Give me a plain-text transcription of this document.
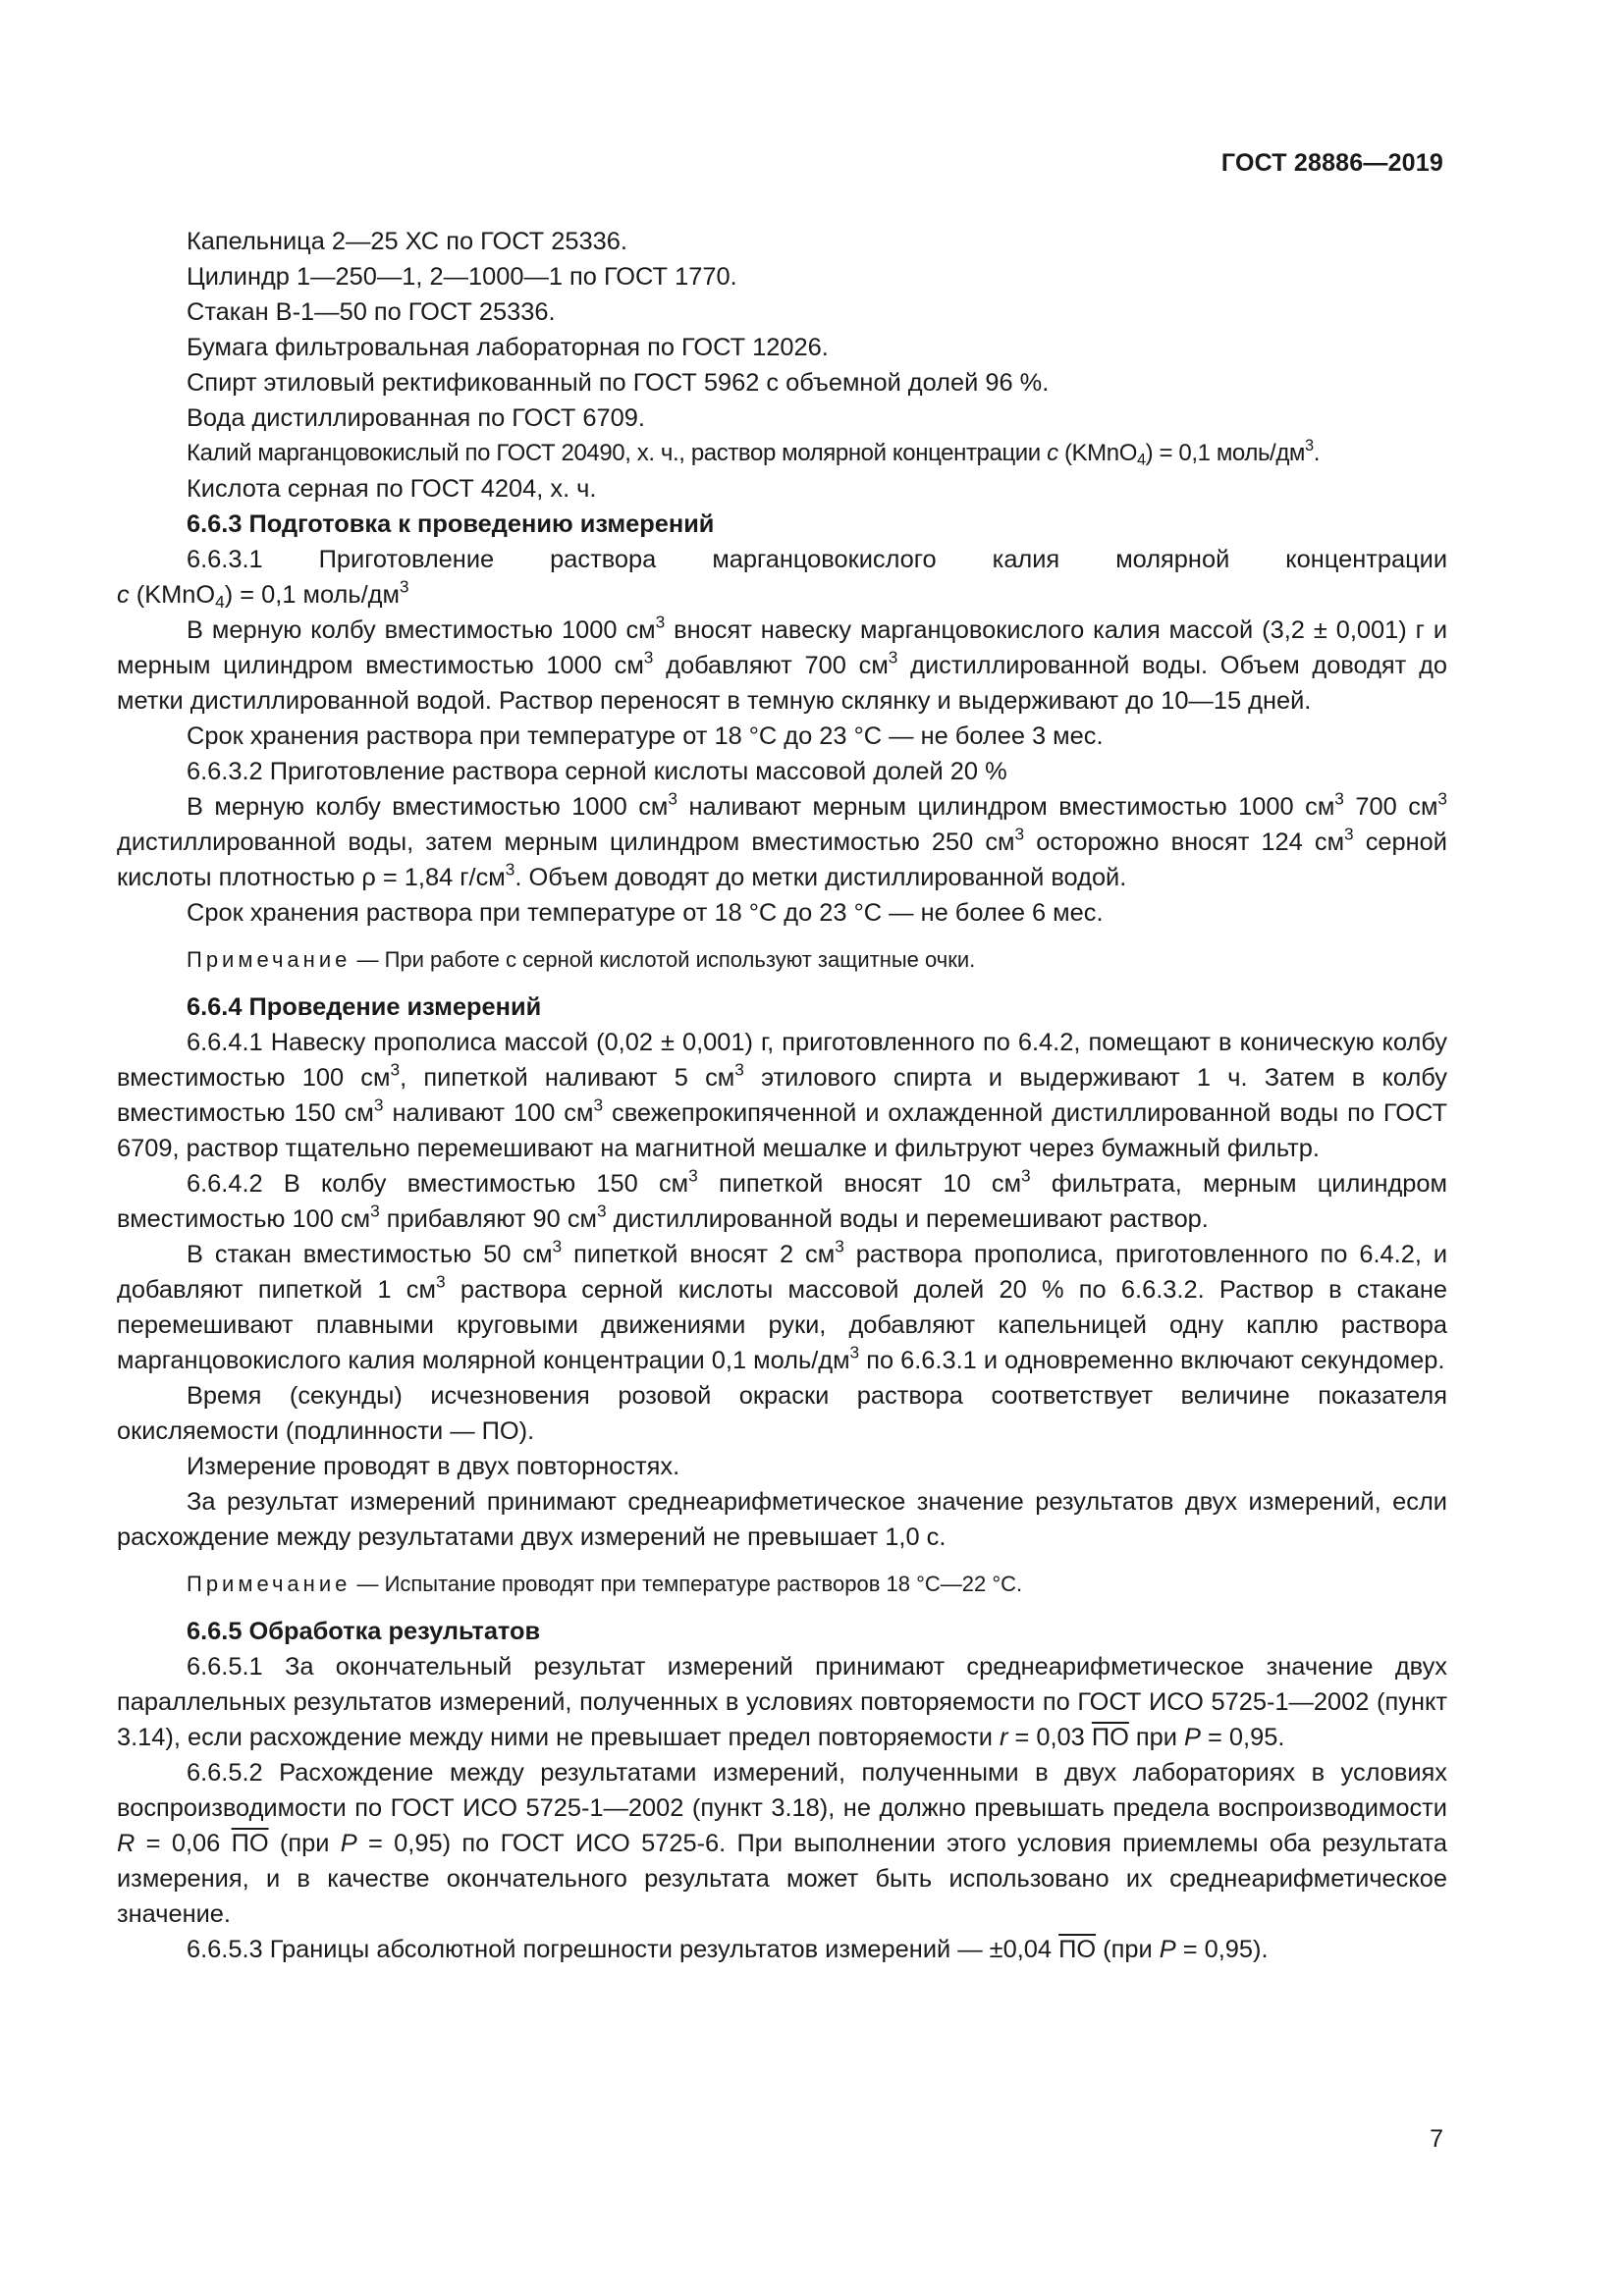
ГОСТ 28886—2019

Капельница 2—25 ХС по ГОСТ 25336.

Цилиндр 1—250—1, 2—1000—1 по ГОСТ 1770.

Стакан В-1—50 по ГОСТ 25336.

Бумага фильтровальная лабораторная по ГОСТ 12026.

Спирт этиловый ректификованный по ГОСТ 5962 с объемной долей 96 %.

Вода дистиллированная по ГОСТ 6709.

Калий марганцовокислый по ГОСТ 20490, х. ч., раствор молярной концентрации c (KMnO$_4$) = 0,1 моль/$дм^3$.

Кислота серная по ГОСТ 4204, х. ч.

6.6.3 Подготовка к проведению измерений

6.6.3.1 Приготовление раствора марганцовокислого калия молярной концентрации

c (KMnO$_4$) = 0,1 моль/$дм^3$

В мерную колбу вместимостью 1000 $см^3$ вносят навеску марганцовокислого калия массой (3,2 ± 0,001) г и мерным цилиндром вместимостью 1000 $см^3$ добавляют 700 $см^3$ дистиллированной воды. Объем доводят до метки дистиллированной водой. Раствор переносят в темную склянку и выдерживают до 10—15 дней.

Срок хранения раствора при температуре от 18 °С до 23 °С — не более 3 мес.

6.6.3.2 Приготовление раствора серной кислоты массовой долей 20 %

В мерную колбу вместимостью 1000 $см^3$ наливают мерным цилиндром вместимостью 1000 $см^3$ 700 $см^3$ дистиллированной воды, затем мерным цилиндром вместимостью 250 $см^3$ осторожно вносят 124 $см^3$ серной кислоты плотностью ρ = 1,84 $г/см^3$. Объем доводят до метки дистиллированной водой.

Срок хранения раствора при температуре от 18 °С до 23 °С — не более 6 мес.

Примечание — При работе с серной кислотой используют защитные очки.

6.6.4 Проведение измерений

6.6.4.1 Навеску прополиса массой (0,02 ± 0,001) г, приготовленного по 6.4.2, помещают в коническую колбу вместимостью 100 $см^3$, пипеткой наливают 5 $см^3$ этилового спирта и выдерживают 1 ч. Затем в колбу вместимостью 150 $см^3$ наливают 100 $см^3$ свежепрокипяченной и охлажденной дистиллированной воды по ГОСТ 6709, раствор тщательно перемешивают на магнитной мешалке и фильтруют через бумажный фильтр.

6.6.4.2 В колбу вместимостью 150 $см^3$ пипеткой вносят 10 $см^3$ фильтрата, мерным цилиндром вместимостью 100 $см^3$ прибавляют 90 $см^3$ дистиллированной воды и перемешивают раствор.

В стакан вместимостью 50 $см^3$ пипеткой вносят 2 $см^3$ раствора прополиса, приготовленного по 6.4.2, и добавляют пипеткой 1 $см^3$ раствора серной кислоты массовой долей 20 % по 6.6.3.2. Раствор в стакане перемешивают плавными круговыми движениями руки, добавляют капельницей одну каплю раствора марганцовокислого калия молярной концентрации 0,1 моль/$дм^3$ по 6.6.3.1 и одновременно включают секундомер.

Время (секунды) исчезновения розовой окраски раствора соответствует величине показателя окисляемости (подлинности — ПО).

Измерение проводят в двух повторностях.

За результат измерений принимают среднеарифметическое значение результатов двух измерений, если расхождение между результатами двух измерений не превышает 1,0 с.

Примечание — Испытание проводят при температуре растворов 18 °С—22 °С.

6.6.5 Обработка результатов

6.6.5.1 За окончательный результат измерений принимают среднеарифметическое значение двух параллельных результатов измерений, полученных в условиях повторяемости по ГОСТ ИСО 5725-1—2002 (пункт 3.14), если расхождение между ними не превышает предел повторяемости r = 0,03 ПО при P = 0,95.

6.6.5.2 Расхождение между результатами измерений, полученными в двух лабораториях в условиях воспроизводимости по ГОСТ ИСО 5725-1—2002 (пункт 3.18), не должно превышать предела воспроизводимости R = 0,06 ПО (при P = 0,95) по ГОСТ ИСО 5725-6. При выполнении этого условия приемлемы оба результата измерения, и в качестве окончательного результата может быть использовано их среднеарифметическое значение.

6.6.5.3 Границы абсолютной погрешности результатов измерений — ±0,04 ПО (при P = 0,95).

7
